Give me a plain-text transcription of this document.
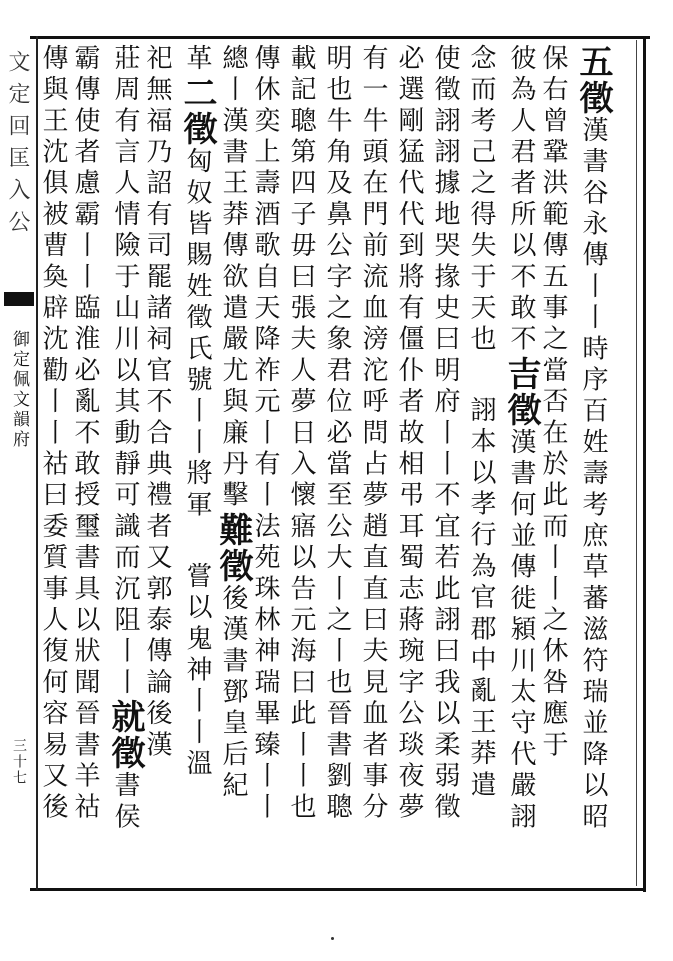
文定回匡入公
御定佩文韻府
三十七
五徵漢書谷永傳丨丨時序百姓壽考庶草蕃滋符瑞並降以昭
保右曾鞏洪範傳五事之當否在於此而丨丨之休咎應于
彼為人君者所以不敢不吉徵漢書何並傳徙潁川太守代嚴詡
念而考己之得失于天也詡本以孝行為官郡中亂王莽遣
使徵詡詡據地哭掾史曰明府丨丨不宜若此詡曰我以柔弱徵
必選剛猛代代到將有僵仆者故相弔耳蜀志蔣琬字公琰夜夢
有一牛頭在門前流血滂沱呼問占夢趙直直曰夫見血者事分
明也牛角及鼻公字之象君位必當至公大丨之丨也晉書劉聰
載記聰第四子毋曰張夫人夢日入懷寤以告元海曰此丨丨也
傳休奕上壽酒歌自天降祚元丨有丨法苑珠林神瑞畢臻丨丨
總丨漢書王莽傳欲遣嚴尤與廉丹擊難徵後漢書鄧皇后紀
革二徵匈奴皆賜姓徵氏號丨丨將軍嘗以鬼神丨丨溫
祀無福乃詔有司罷諸祠官不合典禮者又郭泰傳論後漢
莊周有言人情險于山川以其動靜可識而沉阻丨丨就徵書侯
霸傳使者慮霸丨丨臨淮必亂不敢授璽書具以狀聞晉書羊祜
傳與王沈俱被曹奐辟沈勸丨丨祜曰委質事人復何容易又後
